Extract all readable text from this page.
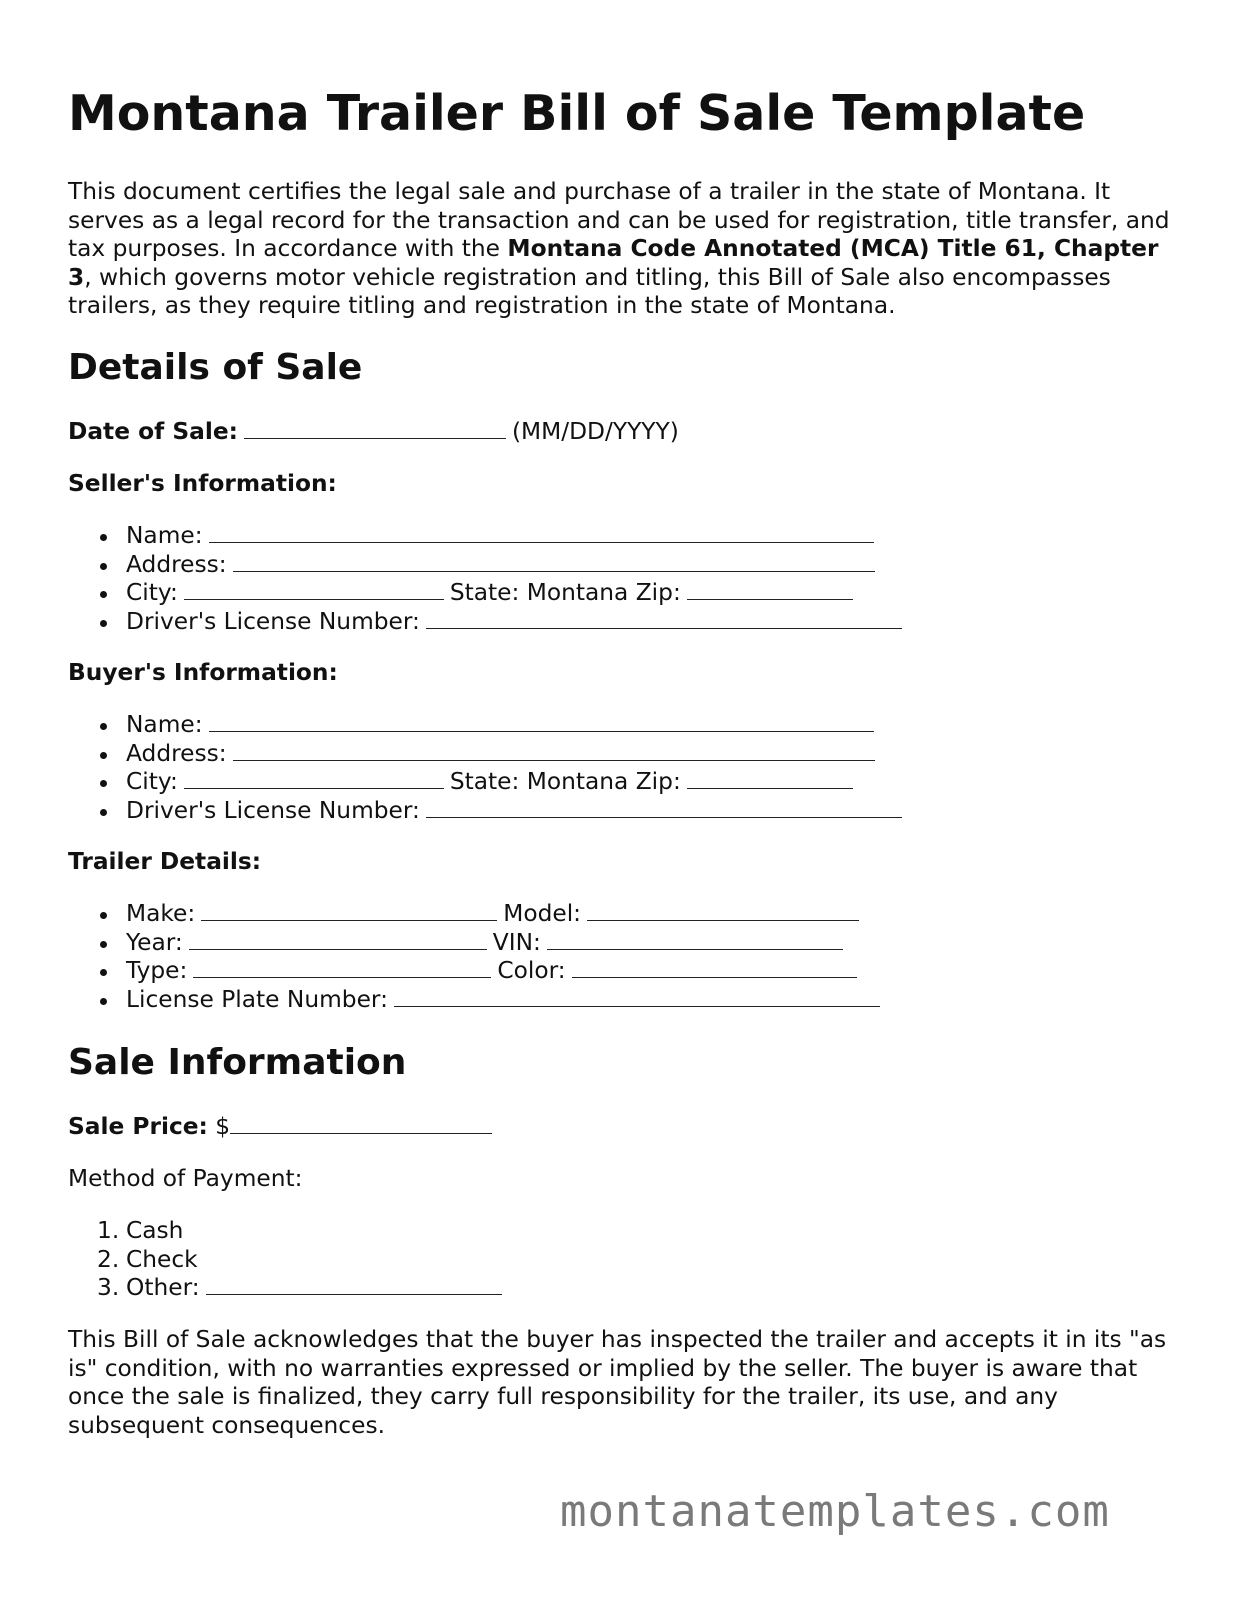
Montana Trailer Bill of Sale Template

This document certifies the legal sale and purchase of a trailer in the state of Montana. It serves as a legal record for the transaction and can be used for registration, title transfer, and tax purposes. In accordance with the Montana Code Annotated (MCA) Title 61, Chapter 3, which governs motor vehicle registration and titling, this Bill of Sale also encompasses trailers, as they require titling and registration in the state of Montana.

Details of Sale

Date of Sale:	(MM/DD/YYYY)

Seller's Information:

Name:
Address:
City:	State: Montana Zip:
Driver's License Number:

Buyer's Information:

Name:
Address:
City:	State: Montana Zip:
Driver's License Number:

Trailer Details:

Make:	Model:
Year:	VIN:
Type:	Color:
License Plate Number:
Sale Information

Sale Price: $

Method of Payment:

1. Cash
2. Check
3. Other:

This Bill of Sale acknowledges that the buyer has inspected the trailer and accepts it in its "as is" condition, with no warranties expressed or implied by the seller. The buyer is aware that once the sale is finalized, they carry full responsibility for the trailer, its use, and any subsequent consequences.

montanatemplates.com
